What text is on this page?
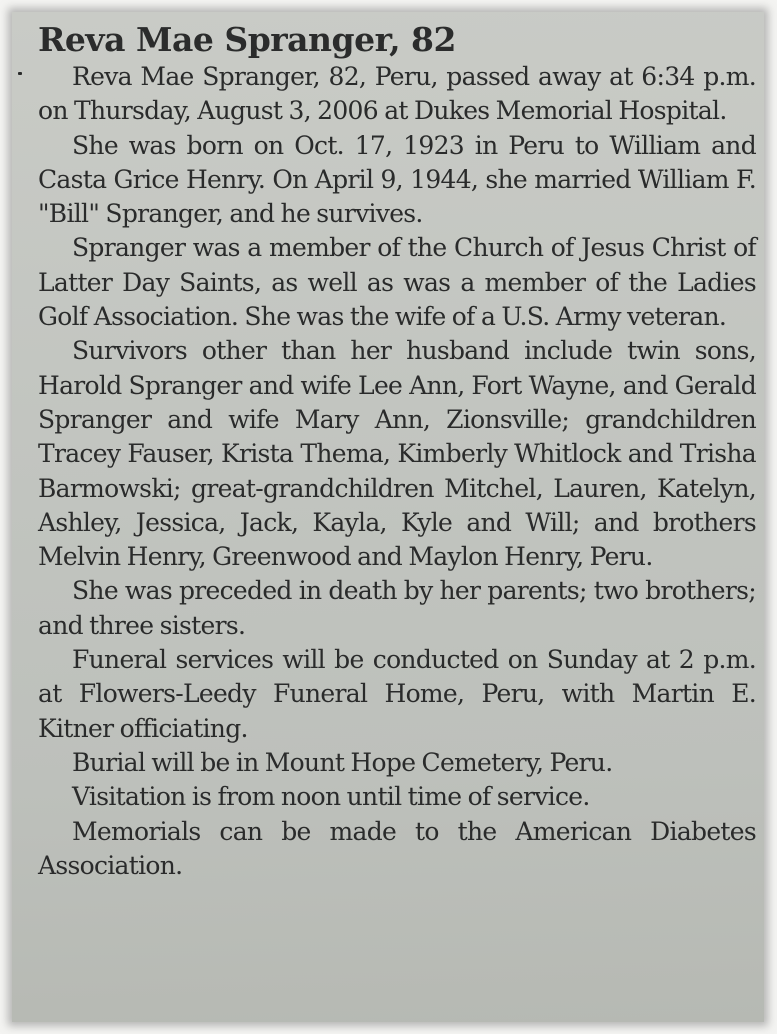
Reva Mae Spranger, 82

Reva Mae Spranger, 82, Peru, passed away at 6:34 p.m. on Thursday, August 3, 2006 at Dukes Memorial Hospital.

She was born on Oct. 17, 1923 in Peru to William and Casta Grice Henry. On April 9, 1944, she married William F. "Bill" Spranger, and he survives.

Spranger was a member of the Church of Jesus Christ of Latter Day Saints, as well as was a member of the Ladies Golf Association. She was the wife of a U.S. Army veteran.

Survivors other than her husband include twin sons, Harold Spranger and wife Lee Ann, Fort Wayne, and Gerald Spranger and wife Mary Ann, Zionsville; grandchildren Tracey Fauser, Krista Thema, Kimberly Whitlock and Trisha Barmowski; great-grandchildren Mitchel, Lauren, Katelyn, Ashley, Jessica, Jack, Kayla, Kyle and Will; and brothers Melvin Henry, Greenwood and Maylon Henry, Peru.

She was preceded in death by her parents; two brothers; and three sisters.

Funeral services will be conducted on Sunday at 2 p.m. at Flowers-Leedy Funeral Home, Peru, with Martin E. Kitner officiating.

Burial will be in Mount Hope Cemetery, Peru.

Visitation is from noon until time of service.

Memorials can be made to the American Diabetes Association.
